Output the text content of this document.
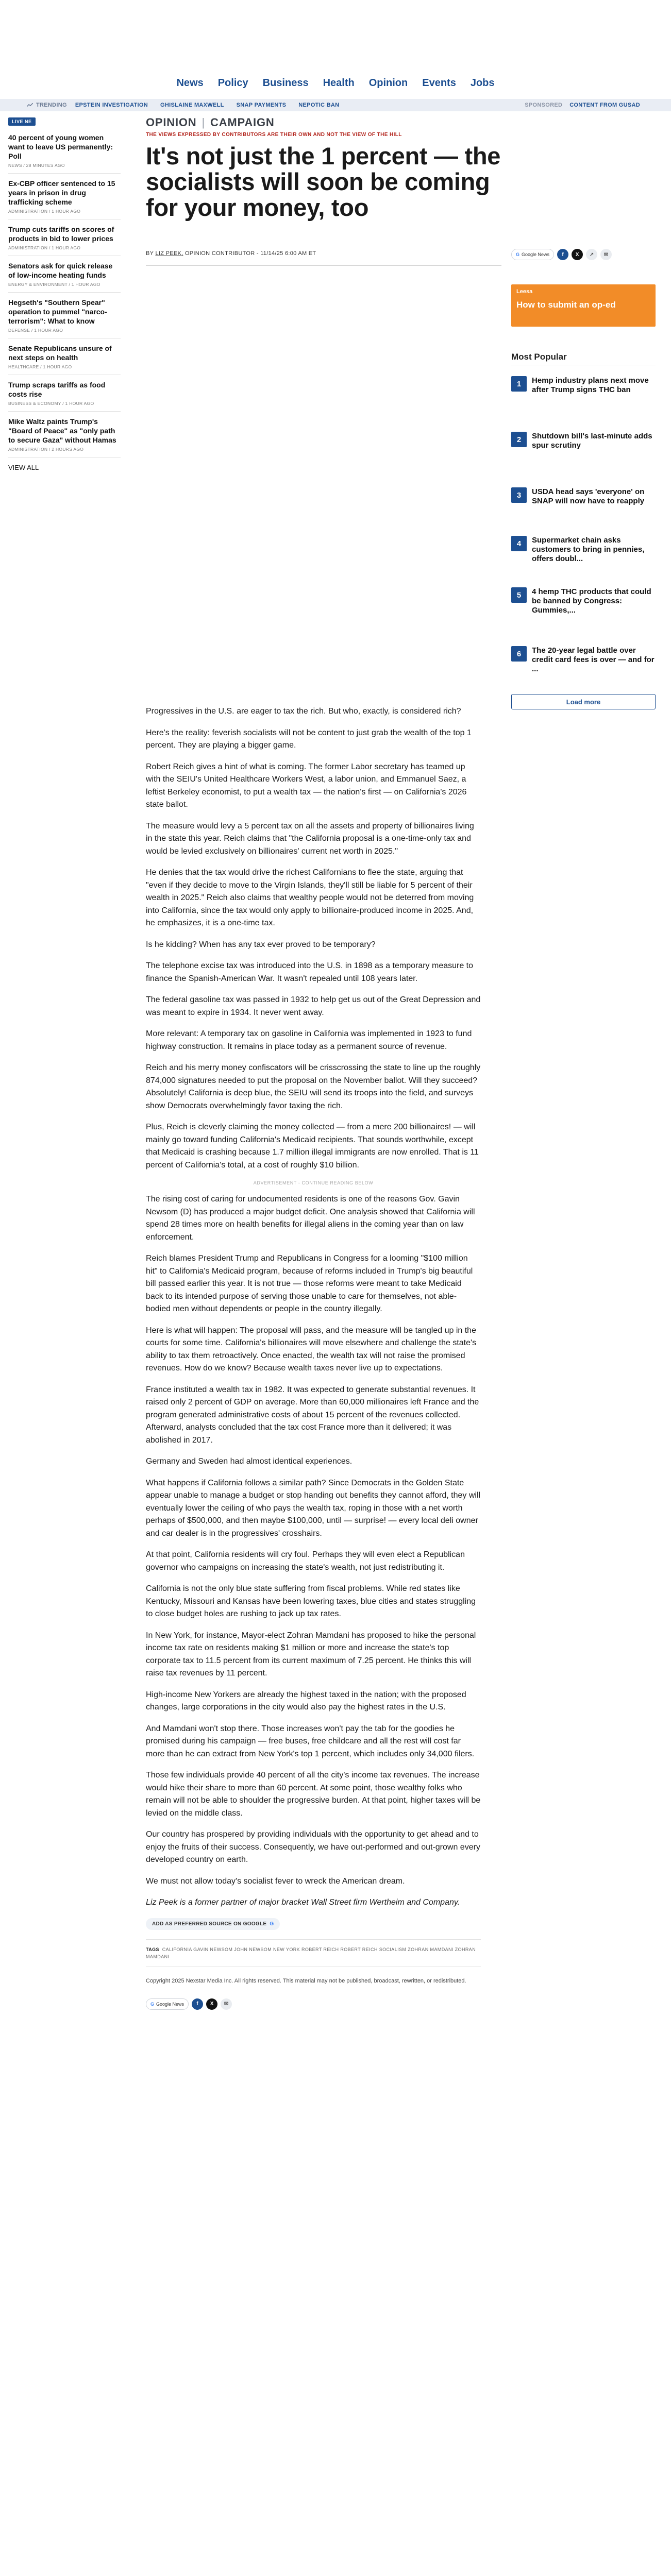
News Policy Business Health Opinion Events Jobs
TRENDING EPSTEIN INVESTIGATION GHISLAINE MAXWELL SNAP PAYMENTS NEPOTIC BAN	SPONSORED CONTENT FROM GUSAD
LIVE NE
40 percent of young women want to leave US permanently: Poll
NEWS / 28 MINUTES AGO
Ex-CBP officer sentenced to 15 years in prison in drug trafficking scheme
ADMINISTRATION / 1 HOUR AGO
Trump cuts tariffs on scores of products in bid to lower prices
ADMINISTRATION / 1 HOUR AGO
Senators ask for quick release of low-income heating funds
ENERGY & ENVIRONMENT / 1 HOUR AGO
Hegseth's "Southern Spear" operation to pummel "narco-terrorism": What to know
DEFENSE / 1 HOUR AGO
Senate Republicans unsure of next steps on health
HEALTHCARE / 1 HOUR AGO
Trump scraps tariffs as food costs rise
BUSINESS & ECONOMY / 1 HOUR AGO
Mike Waltz paints Trump's "Board of Peace" as "only path to secure Gaza" without Hamas
ADMINISTRATION / 2 HOURS AGO
VIEW ALL
OPINION | CAMPAIGN
THE VIEWS EXPRESSED BY CONTRIBUTORS ARE THEIR OWN AND NOT THE VIEW OF THE HILL
It's not just the 1 percent — the socialists will soon be coming for your money, too
BY LIZ PEEK, OPINION CONTRIBUTOR - 11/14/25 6:00 AM ET	G Google News	f	X	↗	✉
Leesa
How to submit an op-ed
Most Popular
1	Hemp industry plans next move after Trump signs THC ban
2	Shutdown bill's last-minute adds spur scrutiny
3	USDA head says 'everyone' on SNAP will now have to reapply
4	Supermarket chain asks customers to bring in pennies, offers doubl...
5	4 hemp THC products that could be banned by Congress: Gummies,...
6	The 20-year legal battle over credit card fees is over — and for ...
Load more

Progressives in the U.S. are eager to tax the rich. But who, exactly, is considered rich?

Here's the reality: feverish socialists will not be content to just grab the wealth of the top 1 percent. They are playing a bigger game.

Robert Reich gives a hint of what is coming. The former Labor secretary has teamed up with the SEIU's United Healthcare Workers West, a labor union, and Emmanuel Saez, a leftist Berkeley economist, to put a wealth tax — the nation's first — on California's 2026 state ballot.

The measure would levy a 5 percent tax on all the assets and property of billionaires living in the state this year. Reich claims that "the California proposal is a one-time-only tax and would be levied exclusively on billionaires' current net worth in 2025."

He denies that the tax would drive the richest Californians to flee the state, arguing that "even if they decide to move to the Virgin Islands, they'll still be liable for 5 percent of their wealth in 2025." Reich also claims that wealthy people would not be deterred from moving into California, since the tax would only apply to billionaire-produced income in 2025. And, he emphasizes, it is a one-time tax.

Is he kidding? When has any tax ever proved to be temporary?

The telephone excise tax was introduced into the U.S. in 1898 as a temporary measure to finance the Spanish-American War. It wasn't repealed until 108 years later.

The federal gasoline tax was passed in 1932 to help get us out of the Great Depression and was meant to expire in 1934. It never went away.

More relevant: A temporary tax on gasoline in California was implemented in 1923 to fund highway construction. It remains in place today as a permanent source of revenue.

Reich and his merry money confiscators will be crisscrossing the state to line up the roughly 874,000 signatures needed to put the proposal on the November ballot. Will they succeed? Absolutely! California is deep blue, the SEIU will send its troops into the field, and surveys show Democrats overwhelmingly favor taxing the rich.

Plus, Reich is cleverly claiming the money collected — from a mere 200 billionaires! — will mainly go toward funding California's Medicaid recipients. That sounds worthwhile, except that Medicaid is crashing because 1.7 million illegal immigrants are now enrolled. That is 11 percent of California's total, at a cost of roughly $10 billion.

ADVERTISEMENT - CONTINUE READING BELOW

The rising cost of caring for undocumented residents is one of the reasons Gov. Gavin Newsom (D) has produced a major budget deficit. One analysis showed that California will spend 28 times more on health benefits for illegal aliens in the coming year than on law enforcement.

Reich blames President Trump and Republicans in Congress for a looming "$100 million hit" to California's Medicaid program, because of reforms included in Trump's big beautiful bill passed earlier this year. It is not true — those reforms were meant to take Medicaid back to its intended purpose of serving those unable to care for themselves, not able-bodied men without dependents or people in the country illegally.

Here is what will happen: The proposal will pass, and the measure will be tangled up in the courts for some time. California's billionaires will move elsewhere and challenge the state's ability to tax them retroactively. Once enacted, the wealth tax will not raise the promised revenues. How do we know? Because wealth taxes never live up to expectations.

France instituted a wealth tax in 1982. It was expected to generate substantial revenues. It raised only 2 percent of GDP on average. More than 60,000 millionaires left France and the program generated administrative costs of about 15 percent of the revenues collected. Afterward, analysts concluded that the tax cost France more than it delivered; it was abolished in 2017.

Germany and Sweden had almost identical experiences.

What happens if California follows a similar path? Since Democrats in the Golden State appear unable to manage a budget or stop handing out benefits they cannot afford, they will eventually lower the ceiling of who pays the wealth tax, roping in those with a net worth perhaps of $500,000, and then maybe $100,000, until — surprise! — every local deli owner and car dealer is in the progressives' crosshairs.

At that point, California residents will cry foul. Perhaps they will even elect a Republican governor who campaigns on increasing the state's wealth, not just redistributing it.

California is not the only blue state suffering from fiscal problems. While red states like Kentucky, Missouri and Kansas have been lowering taxes, blue cities and states struggling to close budget holes are rushing to jack up tax rates.

In New York, for instance, Mayor-elect Zohran Mamdani has proposed to hike the personal income tax rate on residents making $1 million or more and increase the state's top corporate tax to 11.5 percent from its current maximum of 7.25 percent. He thinks this will raise tax revenues by 11 percent.

High-income New Yorkers are already the highest taxed in the nation; with the proposed changes, large corporations in the city would also pay the highest rates in the U.S.

And Mamdani won't stop there. Those increases won't pay the tab for the goodies he promised during his campaign — free buses, free childcare and all the rest will cost far more than he can extract from New York's top 1 percent, which includes only 34,000 filers.

Those few individuals provide 40 percent of all the city's income tax revenues. The increase would hike their share to more than 60 percent. At some point, those wealthy folks who remain will not be able to shoulder the progressive burden. At that point, higher taxes will be levied on the middle class.

Our country has prospered by providing individuals with the opportunity to get ahead and to enjoy the fruits of their success. Consequently, we have out-performed and out-grown every developed country on earth.

We must not allow today's socialist fever to wreck the American dream.

Liz Peek is a former partner of major bracket Wall Street firm Wertheim and Company.

ADD AS PREFERRED SOURCE ON GOOGLE G
TAGS CALIFORNIA GAVIN NEWSOM JOHN NEWSOM NEW YORK ROBERT REICH ROBERT REICH SOCIALISM ZOHRAN MAMDANI ZOHRAN MAMDANI
Copyright 2025 Nexstar Media Inc. All rights reserved. This material may not be published, broadcast, rewritten, or redistributed.
G Google News	f	X	✉
